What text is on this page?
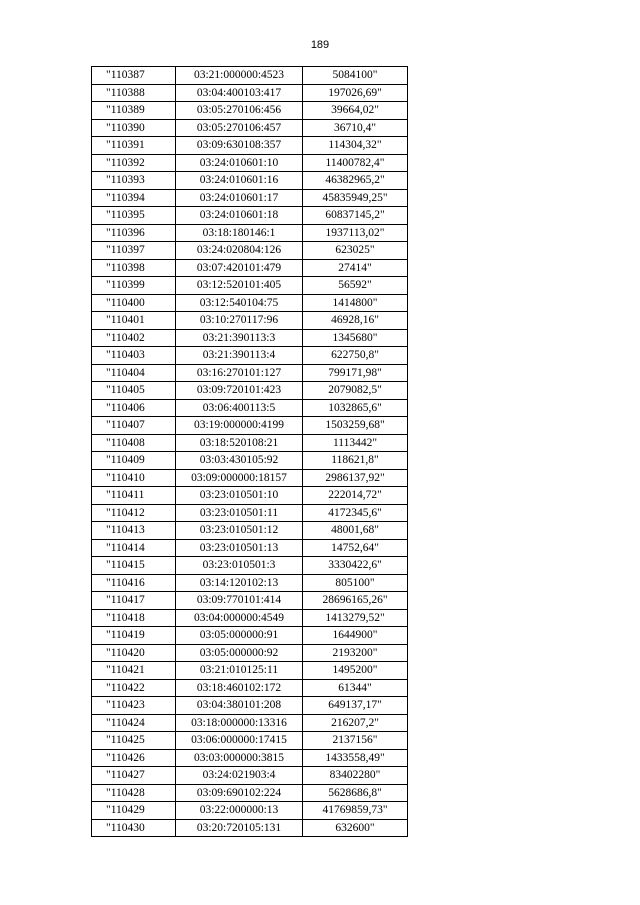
189
"110387	03:21:000000:4523	5084100"
"110388	03:04:400103:417	197026,69"
"110389	03:05:270106:456	39664,02"
"110390	03:05:270106:457	36710,4"
"110391	03:09:630108:357	114304,32"
"110392	03:24:010601:10	11400782,4"
"110393	03:24:010601:16	46382965,2"
"110394	03:24:010601:17	45835949,25"
"110395	03:24:010601:18	60837145,2"
"110396	03:18:180146:1	1937113,02"
"110397	03:24:020804:126	623025"
"110398	03:07:420101:479	27414"
"110399	03:12:520101:405	56592"
"110400	03:12:540104:75	1414800"
"110401	03:10:270117:96	46928,16"
"110402	03:21:390113:3	1345680"
"110403	03:21:390113:4	622750,8"
"110404	03:16:270101:127	799171,98"
"110405	03:09:720101:423	2079082,5"
"110406	03:06:400113:5	1032865,6"
"110407	03:19:000000:4199	1503259,68"
"110408	03:18:520108:21	1113442"
"110409	03:03:430105:92	118621,8"
"110410	03:09:000000:18157	2986137,92"
"110411	03:23:010501:10	222014,72"
"110412	03:23:010501:11	4172345,6"
"110413	03:23:010501:12	48001,68"
"110414	03:23:010501:13	14752,64"
"110415	03:23:010501:3	3330422,6"
"110416	03:14:120102:13	805100"
"110417	03:09:770101:414	28696165,26"
"110418	03:04:000000:4549	1413279,52"
"110419	03:05:000000:91	1644900"
"110420	03:05:000000:92	2193200"
"110421	03:21:010125:11	1495200"
"110422	03:18:460102:172	61344"
"110423	03:04:380101:208	649137,17"
"110424	03:18:000000:13316	216207,2"
"110425	03:06:000000:17415	2137156"
"110426	03:03:000000:3815	1433558,49"
"110427	03:24:021903:4	83402280"
"110428	03:09:690102:224	5628686,8"
"110429	03:22:000000:13	41769859,73"
"110430	03:20:720105:131	632600"
